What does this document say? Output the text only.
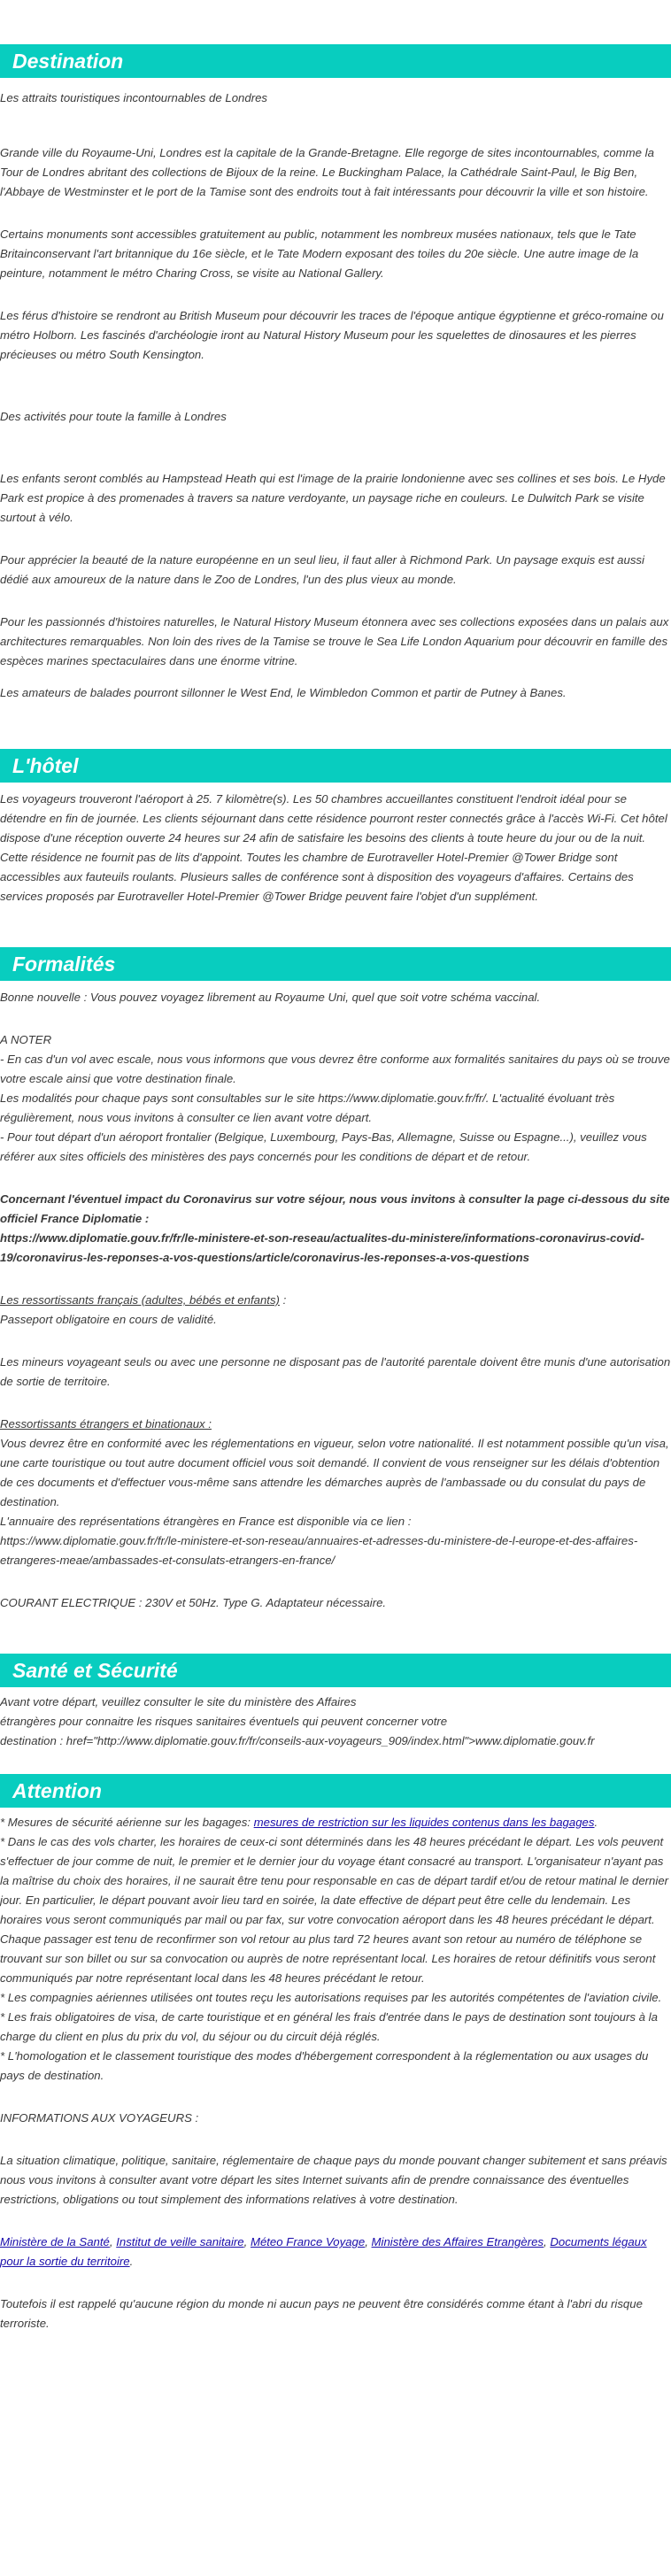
Destination

Les attraits touristiques incontournables de Londres

Grande ville du Royaume-Uni, Londres est la capitale de la Grande-Bretagne. Elle regorge de sites incontournables, comme la Tour de Londres abritant des collections de Bijoux de la reine. Le Buckingham Palace, la Cathédrale Saint-Paul, le Big Ben, l'Abbaye de Westminster et le port de la Tamise sont des endroits tout à fait intéressants pour découvrir la ville et son histoire.

Certains monuments sont accessibles gratuitement au public, notamment les nombreux musées nationaux, tels que le Tate Britainconservant l'art britannique du 16e siècle, et le Tate Modern exposant des toiles du 20e siècle. Une autre image de la peinture, notamment le métro Charing Cross, se visite au National Gallery.

Les férus d'histoire se rendront au British Museum pour découvrir les traces de l'époque antique égyptienne et gréco-romaine ou métro Holborn. Les fascinés d'archéologie iront au Natural History Museum pour les squelettes de dinosaures et les pierres précieuses ou métro South Kensington.

Des activités pour toute la famille à Londres

Les enfants seront comblés au Hampstead Heath qui est l'image de la prairie londonienne avec ses collines et ses bois. Le Hyde Park est propice à des promenades à travers sa nature verdoyante, un paysage riche en couleurs. Le Dulwitch Park se visite surtout à vélo.

Pour apprécier la beauté de la nature européenne en un seul lieu, il faut aller à Richmond Park. Un paysage exquis est aussi dédié aux amoureux de la nature dans le Zoo de Londres, l'un des plus vieux au monde.

Pour les passionnés d'histoires naturelles, le Natural History Museum étonnera avec ses collections exposées dans un palais aux architectures remarquables. Non loin des rives de la Tamise se trouve le Sea Life London Aquarium pour découvrir en famille des espèces marines spectaculaires dans une énorme vitrine.

Les amateurs de balades pourront sillonner le West End, le Wimbledon Common et partir de Putney à Banes.

L'hôtel

Les voyageurs trouveront l'aéroport à 25. 7 kilomètre(s). Les 50 chambres accueillantes constituent l'endroit idéal pour se détendre en fin de journée. Les clients séjournant dans cette résidence pourront rester connectés grâce à l'accès Wi-Fi. Cet hôtel dispose d'une réception ouverte 24 heures sur 24 afin de satisfaire les besoins des clients à toute heure du jour ou de la nuit. Cette résidence ne fournit pas de lits d'appoint. Toutes les chambre de Eurotraveller Hotel-Premier @Tower Bridge sont accessibles aux fauteuils roulants. Plusieurs salles de conférence sont à disposition des voyageurs d'affaires. Certains des services proposés par Eurotraveller Hotel-Premier @Tower Bridge peuvent faire l'objet d'un supplément.

Formalités

Bonne nouvelle : Vous pouvez voyagez librement au Royaume Uni, quel que soit votre schéma vaccinal.

A NOTER

- En cas d'un vol avec escale, nous vous informons que vous devrez être conforme aux formalités sanitaires du pays où se trouve votre escale ainsi que votre destination finale.

Les modalités pour chaque pays sont consultables sur le site https://www.diplomatie.gouv.fr/fr/. L'actualité évoluant très régulièrement, nous vous invitons à consulter ce lien avant votre départ.

- Pour tout départ d'un aéroport frontalier (Belgique, Luxembourg, Pays-Bas, Allemagne, Suisse ou Espagne...), veuillez vous référer aux sites officiels des ministères des pays concernés pour les conditions de départ et de retour.

Concernant l'éventuel impact du Coronavirus sur votre séjour, nous vous invitons à consulter la page ci-dessous du site officiel France Diplomatie :

https://www.diplomatie.gouv.fr/fr/le-ministere-et-son-reseau/actualites-du-ministere/informations-coronavirus-covid-19/coronavirus-les-reponses-a-vos-questions/article/coronavirus-les-reponses-a-vos-questions

Les ressortissants français (adultes, bébés et enfants) :

Passeport obligatoire en cours de validité.

Les mineurs voyageant seuls ou avec une personne ne disposant pas de l'autorité parentale doivent être munis d'une autorisation de sortie de territoire.

Ressortissants étrangers et binationaux :

Vous devrez être en conformité avec les réglementations en vigueur, selon votre nationalité. Il est notamment possible qu'un visa, une carte touristique ou tout autre document officiel vous soit demandé. Il convient de vous renseigner sur les délais d'obtention de ces documents et d'effectuer vous-même sans attendre les démarches auprès de l'ambassade ou du consulat du pays de destination.

L'annuaire des représentations étrangères en France est disponible via ce lien :

https://www.diplomatie.gouv.fr/fr/le-ministere-et-son-reseau/annuaires-et-adresses-du-ministere-de-l-europe-et-des-affaires-etrangeres-meae/ambassades-et-consulats-etrangers-en-france/

COURANT ELECTRIQUE : 230V et 50Hz. Type G. Adaptateur nécessaire.

Santé et Sécurité

Avant votre départ, veuillez consulter le site du ministère des Affaires

étrangères pour connaitre les risques sanitaires éventuels qui peuvent concerner votre

destination : href="http://www.diplomatie.gouv.fr/fr/conseils-aux-voyageurs_909/index.html">www.diplomatie.gouv.fr

Attention

* Mesures de sécurité aérienne sur les bagages: mesures de restriction sur les liquides contenus dans les bagages.

* Dans le cas des vols charter, les horaires de ceux-ci sont déterminés dans les 48 heures précédant le départ. Les vols peuvent s'effectuer de jour comme de nuit, le premier et le dernier jour du voyage étant consacré au transport. L'organisateur n'ayant pas la maîtrise du choix des horaires, il ne saurait être tenu pour responsable en cas de départ tardif et/ou de retour matinal le dernier jour. En particulier, le départ pouvant avoir lieu tard en soirée, la date effective de départ peut être celle du lendemain. Les horaires vous seront communiqués par mail ou par fax, sur votre convocation aéroport dans les 48 heures précédant le départ. Chaque passager est tenu de reconfirmer son vol retour au plus tard 72 heures avant son retour au numéro de téléphone se trouvant sur son billet ou sur sa convocation ou auprès de notre représentant local. Les horaires de retour définitifs vous seront communiqués par notre représentant local dans les 48 heures précédant le retour.

* Les compagnies aériennes utilisées ont toutes reçu les autorisations requises par les autorités compétentes de l'aviation civile.

* Les frais obligatoires de visa, de carte touristique et en général les frais d'entrée dans le pays de destination sont toujours à la charge du client en plus du prix du vol, du séjour ou du circuit déjà réglés.

* L'homologation et le classement touristique des modes d'hébergement correspondent à la réglementation ou aux usages du pays de destination.

INFORMATIONS AUX VOYAGEURS :

La situation climatique, politique, sanitaire, réglementaire de chaque pays du monde pouvant changer subitement et sans préavis nous vous invitons à consulter avant votre départ les sites Internet suivants afin de prendre connaissance des éventuelles restrictions, obligations ou tout simplement des informations relatives à votre destination.

Ministère de la Santé, Institut de veille sanitaire, Méteo France Voyage, Ministère des Affaires Etrangères, Documents légaux pour la sortie du territoire.

Toutefois il est rappelé qu'aucune région du monde ni aucun pays ne peuvent être considérés comme étant à l'abri du risque terroriste.
